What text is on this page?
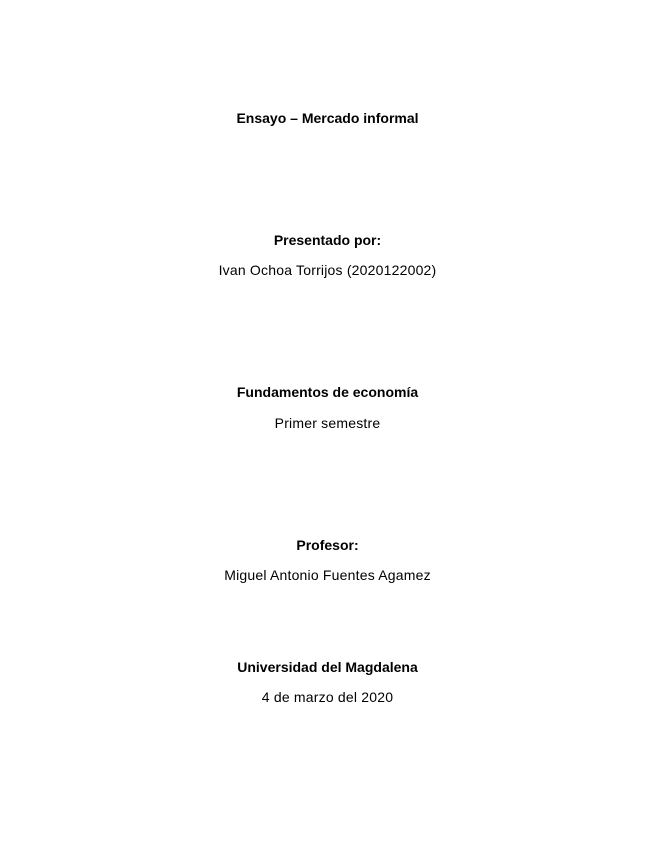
Ensayo – Mercado informal
Presentado por:
Ivan Ochoa Torrijos (2020122002)
Fundamentos de economía
Primer semestre
Profesor:
Miguel Antonio Fuentes Agamez
Universidad del Magdalena
4 de marzo del 2020
